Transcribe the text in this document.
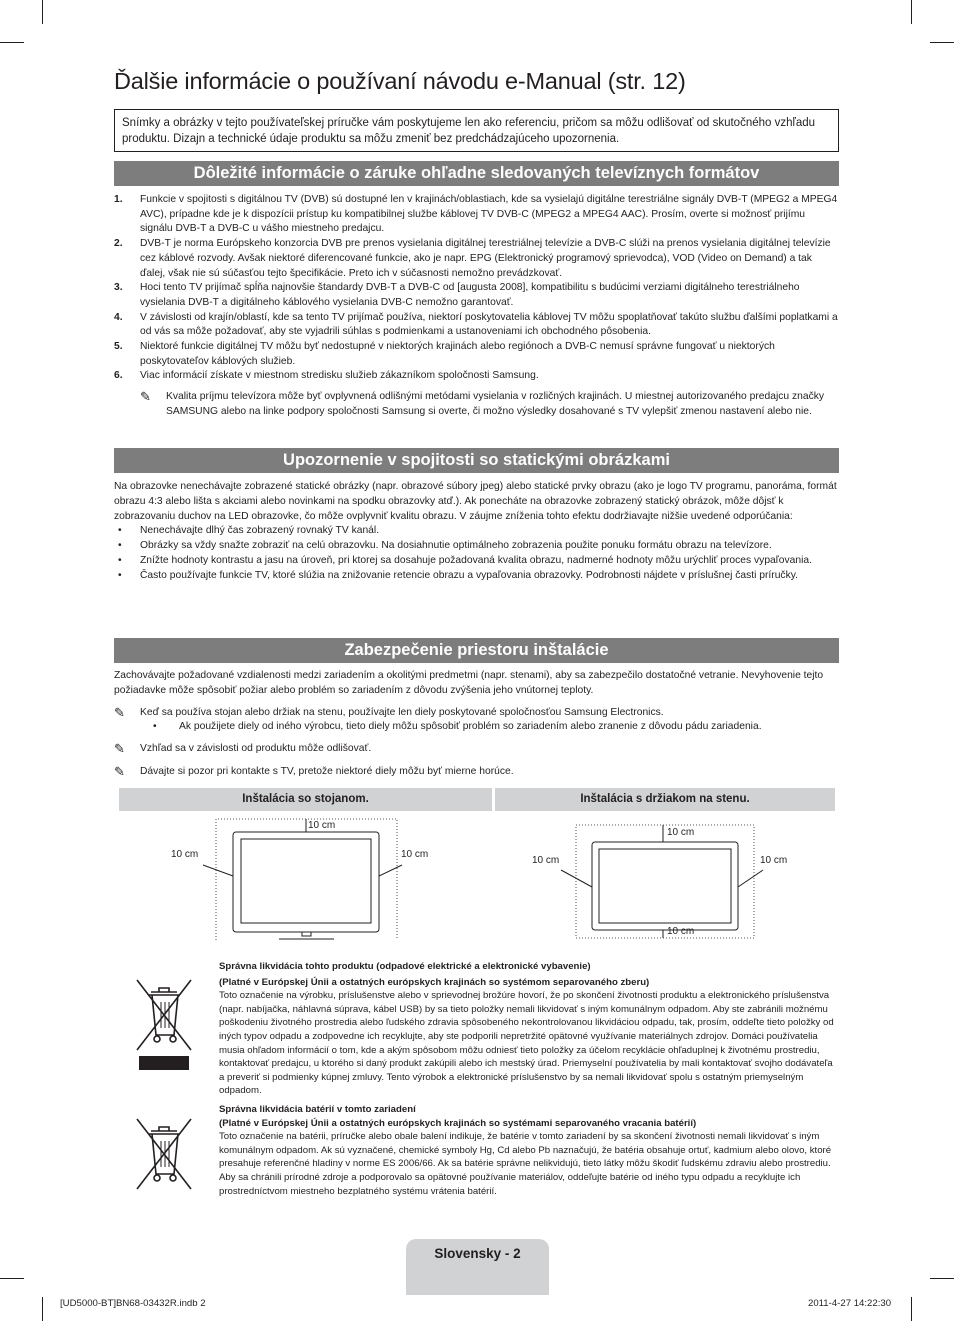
Ďalšie informácie o používaní návodu e-Manual (str. 12)
Snímky a obrázky v tejto používateľskej príručke vám poskytujeme len ako referenciu, pričom sa môžu odlišovať od skutočného vzhľadu produktu. Dizajn a technické údaje produktu sa môžu zmeniť bez predchádzajúceho upozornenia.
Dôležité informácie o záruke ohľadne sledovaných televíznych formátov
1.	Funkcie v spojitosti s digitálnou TV (DVB) sú dostupné len v krajinách/oblastiach, kde sa vysielajú digitálne terestriálne signály DVB-T (MPEG2 a MPEG4 AVC), prípadne kde je k dispozícii prístup ku kompatibilnej službe káblovej TV DVB-C (MPEG2 a MPEG4 AAC). Prosím, overte si možnosť prijímu signálu DVB-T a DVB-C u vášho miestneho predajcu.
2.	DVB-T je norma Európskeho konzorcia DVB pre prenos vysielania digitálnej terestriálnej televízie a DVB-C slúži na prenos vysielania digitálnej televízie cez káblové rozvody. Avšak niektoré diferencované funkcie, ako je napr. EPG (Elektronický programový sprievodca), VOD (Video on Demand) a tak ďalej, však nie sú súčasťou tejto špecifikácie. Preto ich v súčasnosti nemožno prevádzkovať.
3.	Hoci tento TV prijímač spĺňa najnovšie štandardy DVB-T a DVB-C od [augusta 2008], kompatibilitu s budúcimi verziami digitálneho terestriálneho vysielania DVB-T a digitálneho káblového vysielania DVB-C nemožno garantovať.
4.	V závislosti od krajín/oblastí, kde sa tento TV prijímač používa, niektorí poskytovatelia káblovej TV môžu spoplatňovať takúto službu ďalšími poplatkami a od vás sa môže požadovať, aby ste vyjadrili súhlas s podmienkami a ustanoveniami ich obchodného pôsobenia.
5.	Niektoré funkcie digitálnej TV môžu byť nedostupné v niektorých krajinách alebo regiónoch a DVB-C nemusí správne fungovať u niektorých poskytovateľov káblových služieb.
6.	Viac informácií získate v miestnom stredisku služieb zákazníkom spoločnosti Samsung.
✎	Kvalita príjmu televízora môže byť ovplyvnená odlišnými metódami vysielania v rozličných krajinách. U miestnej autorizovaného predajcu značky SAMSUNG alebo na linke podpory spoločnosti Samsung si overte, či možno výsledky dosahované s TV vylepšiť zmenou nastavení alebo nie.
Upozornenie v spojitosti so statickými obrázkami
Na obrazovke nenechávajte zobrazené statické obrázky (napr. obrazové súbory jpeg) alebo statické prvky obrazu (ako je logo TV programu, panoráma, formát obrazu 4:3 alebo lišta s akciami alebo novinkami na spodku obrazovky atď.). Ak ponecháte na obrazovke zobrazený statický obrázok, môže dôjsť k zobrazovaniu duchov na LED obrazovke, čo môže ovplyvniť kvalitu obrazu. V záujme zníženia tohto efektu dodržiavajte nižšie uvedené odporúčania:
•	Nenechávajte dlhý čas zobrazený rovnaký TV kanál.
•	Obrázky sa vždy snažte zobraziť na celú obrazovku. Na dosiahnutie optimálneho zobrazenia použite ponuku formátu obrazu na televízore.
•	Znížte hodnoty kontrastu a jasu na úroveň, pri ktorej sa dosahuje požadovaná kvalita obrazu, nadmerné hodnoty môžu urýchliť proces vypaľovania.
•	Často používajte funkcie TV, ktoré slúžia na znižovanie retencie obrazu a vypaľovania obrazovky. Podrobnosti nájdete v príslušnej časti príručky.
Zabezpečenie priestoru inštalácie
Zachovávajte požadované vzdialenosti medzi zariadením a okolitými predmetmi (napr. stenami), aby sa zabezpečilo dostatočné vetranie. Nevyhovenie tejto požiadavke môže spôsobiť požiar alebo problém so zariadením z dôvodu zvýšenia jeho vnútornej teploty.
✎	Keď sa používa stojan alebo držiak na stenu, používajte len diely poskytované spoločnosťou Samsung Electronics.
•	Ak použijete diely od iného výrobcu, tieto diely môžu spôsobiť problém so zariadením alebo zranenie z dôvodu pádu zariadenia.
✎	Vzhľad sa v závislosti od produktu môže odlišovať.
✎	Dávajte si pozor pri kontakte s TV, pretože niektoré diely môžu byť mierne horúce.
Inštalácia so stojanom.	Inštalácia s držiakom na stenu.
10 cm	10 cm
10 cm
10 cm	10 cm
10 cm
10 cm
Správna likvidácia tohto produktu (odpadové elektrické a elektronické vybavenie)
(Platné v Európskej Únii a ostatných európskych krajinách so systémom separovaného zberu)
Toto označenie na výrobku, príslušenstve alebo v sprievodnej brožúre hovorí, že po skončení životnosti produktu a elektronického príslušenstva (napr. nabíjačka, náhlavná súprava, kábel USB) by sa tieto položky nemali likvidovať s iným komunálnym odpadom. Aby ste zabránili možnému poškodeniu životného prostredia alebo ľudského zdravia spôsobeného nekontrolovanou likvidáciou odpadu, tak, prosím, oddeľte tieto položky od iných typov odpadu a zodpovedne ich recyklujte, aby ste podporili nepretržité opätovné využívanie materiálnych zdrojov. Domáci používatelia musia ohľadom informácií o tom, kde a akým spôsobom môžu odniesť tieto položky za účelom recyklácie ohľaduplnej k životnému prostrediu, kontaktovať predajcu, u ktorého si daný produkt zakúpili alebo ich mestský úrad. Priemyselní používatelia by mali kontaktovať svojho dodávateľa a preveriť si podmienky kúpnej zmluvy. Tento výrobok a elektronické príslušenstvo by sa nemali likvidovať spolu s ostatným priemyselným odpadom.
Správna likvidácia batérií v tomto zariadení
(Platné v Európskej Únii a ostatných európskych krajinách so systémami separovaného vracania batérií)
Toto označenie na batérii, príručke alebo obale balení indikuje, že batérie v tomto zariadení by sa skončení životnosti nemali likvidovať s iným komunálnym odpadom. Ak sú vyznačené, chemické symboly Hg, Cd alebo Pb naznačujú, že batéria obsahuje ortuť, kadmium alebo olovo, ktoré presahuje referenčné hladiny v norme ES 2006/66. Ak sa batérie správne nelikvidujú, tieto látky môžu škodiť ľudskému zdraviu alebo prostrediu. Aby sa chránili prírodné zdroje a podporovalo sa opätovné používanie materiálov, oddeľujte batérie od iného typu odpadu a recyklujte ich prostredníctvom miestneho bezplatného systému vrátenia batérií.
Slovensky - 2
[UD5000-BT]BN68-03432R.indb 2	2011-4-27 14:22:30
